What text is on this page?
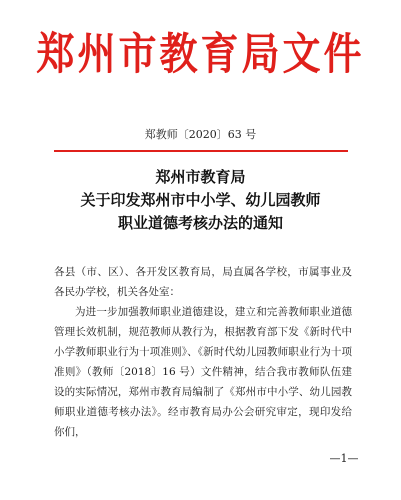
郑州市教育局文件
郑教师〔2020〕63 号
郑州市教育局
关于印发郑州市中小学、幼儿园教师
职业道德考核办法的通知

各县（市、区）、各开发区教育局，局直属各学校，市属事业及各民办学校，机关各处室：

为进一步加强教师职业道德建设，建立和完善教师职业道德管理长效机制，规范教师从教行为，根据教育部下发《新时代中小学教师职业行为十项准则》、《新时代幼儿园教师职业行为十项准则》（教师〔2018〕16 号）文件精神，结合我市教师队伍建设的实际情况，郑州市教育局编制了《郑州市中小学、幼儿园教师职业道德考核办法》。经市教育局办公会研究审定，现印发给你们，

—1—
